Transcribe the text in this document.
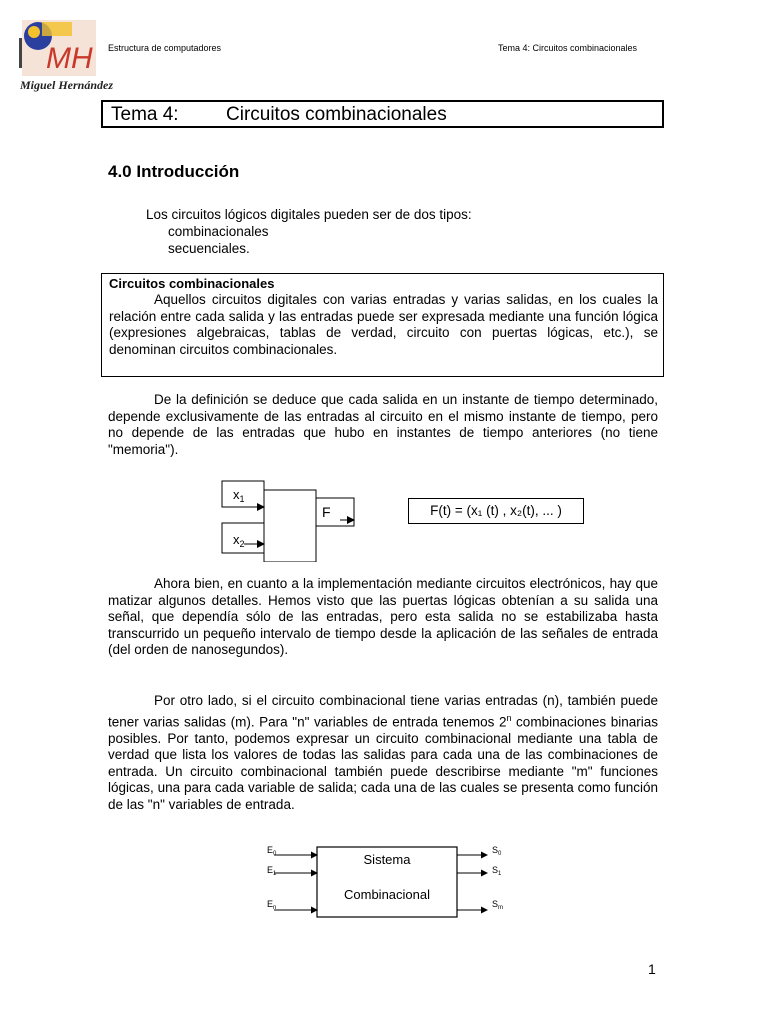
MH
Miguel Hernández
Estructura de computadores	Tema 4: Circuitos combinacionales
Tema 4: Circuitos combinacionales
4.0 Introducción
Los circuitos lógicos digitales pueden ser de dos tipos:
combinacionales
secuenciales.
Circuitos combinacionales
Aquellos circuitos digitales con varias entradas y varias salidas, en los cuales la relación entre cada salida y las entradas puede ser expresada mediante una función lógica (expresiones algebraicas, tablas de verdad, circuito con puertas lógicas, etc.), se denominan circuitos combinacionales.
De la definición se deduce que cada salida en un instante de tiempo determinado, depende exclusivamente de las entradas al circuito en el mismo instante de tiempo, pero no depende de las entradas que hubo en instantes de tiempo anteriores (no tiene "memoria").
$x_1$
$x_2$
F	F(t) = (x₁ (t) , x₂(t), ... )
Ahora bien, en cuanto a la implementación mediante circuitos electrónicos, hay que matizar algunos detalles. Hemos visto que las puertas lógicas obtenían a su salida una señal, que dependía sólo de las entradas, pero esta salida no se estabilizaba hasta transcurrido un pequeño intervalo de tiempo desde la aplicación de las señales de entrada (del orden de nanosegundos).
Por otro lado, si el circuito combinacional tiene varias entradas (n), también puede tener varias salidas (m). Para "n" variables de entrada tenemos 2$^n$ combinaciones binarias posibles. Por tanto, podemos expresar un circuito combinacional mediante una tabla de verdad que lista los valores de todas las salidas para cada una de las combinaciones de entrada. Un circuito combinacional también puede describirse mediante "m" funciones lógicas, una para cada variable de salida; cada una de las cuales se presenta como función de las "n" variables de entrada.
Sistema
Combinacional
$E_0$
$E_1$
$E_n$
$S_0$
$S_1$
$S_m$
1
